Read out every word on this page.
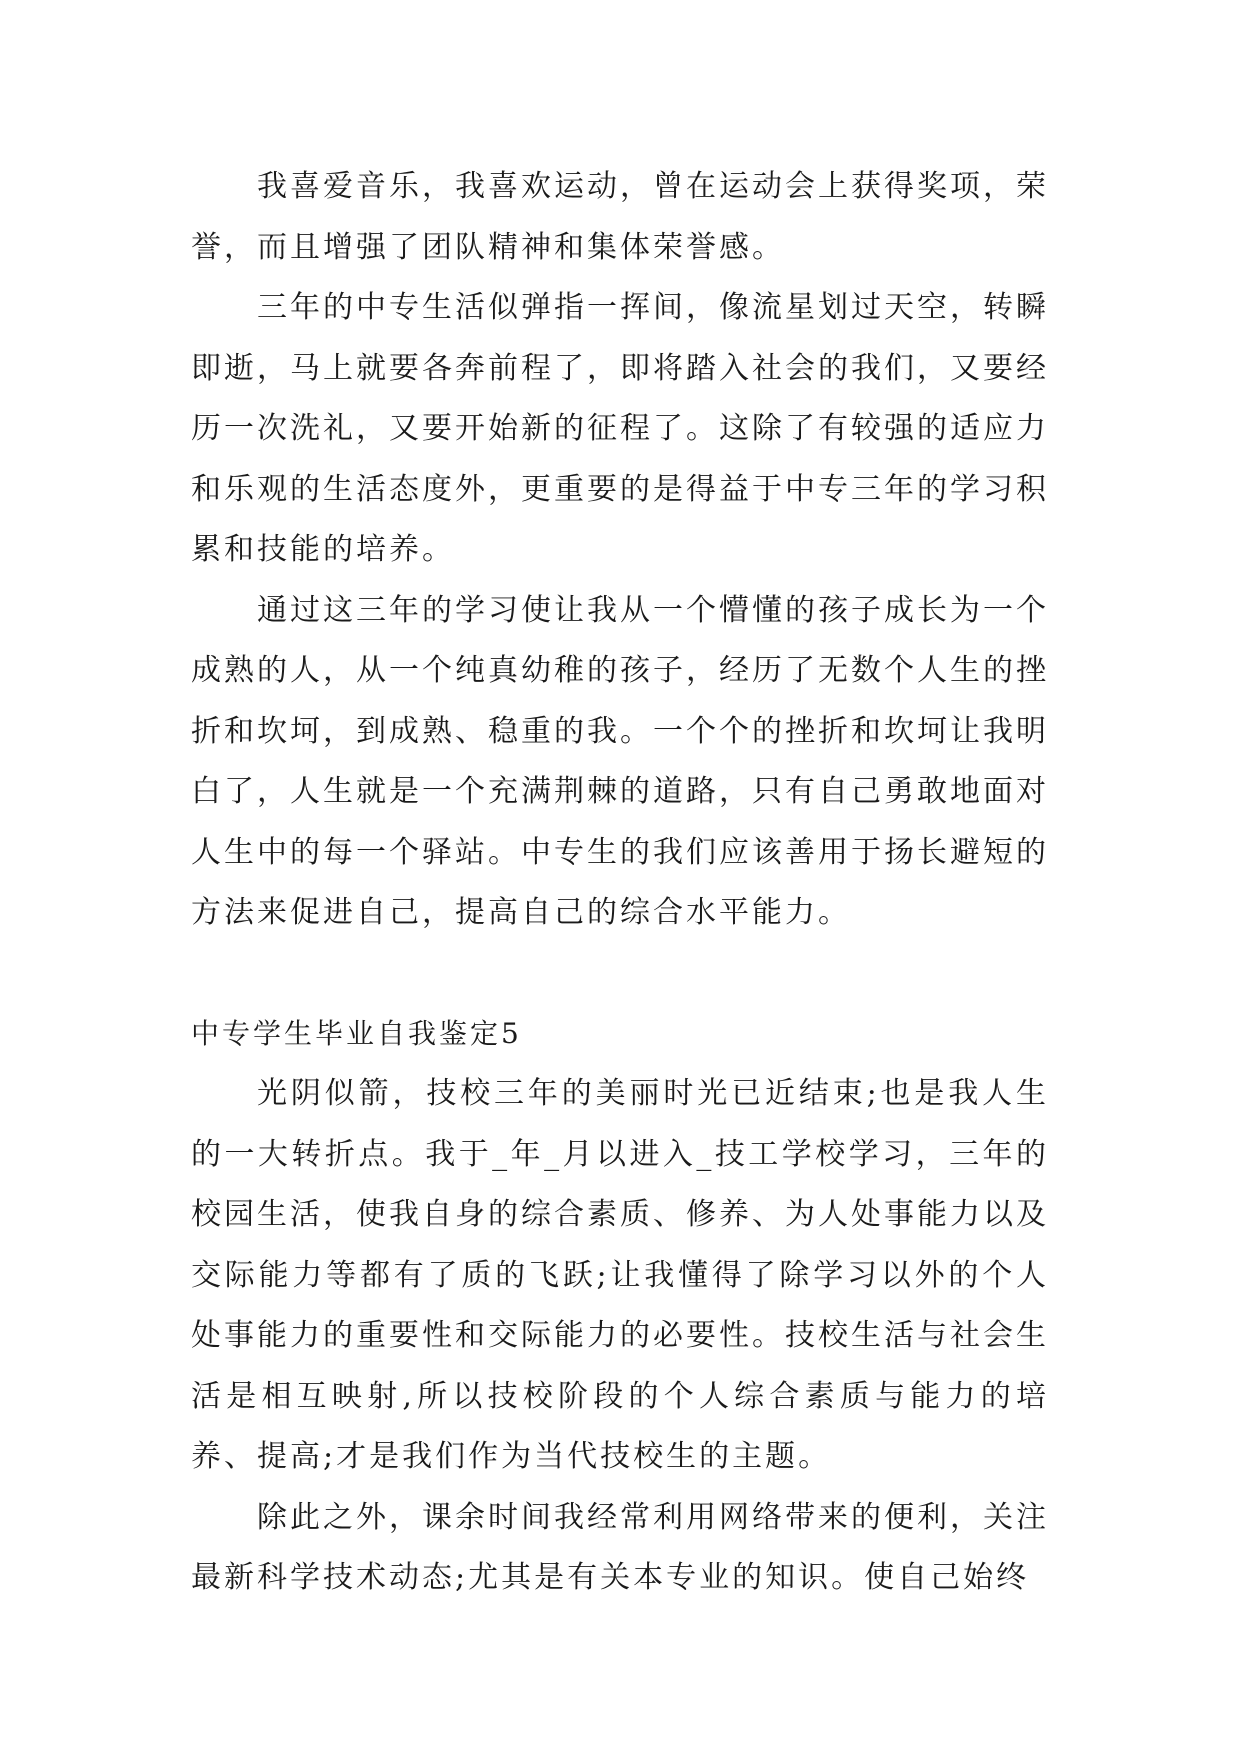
我喜爱音乐，我喜欢运动，曾在运动会上获得奖项，荣誉，而且增强了团队精神和集体荣誉感。

三年的中专生活似弹指一挥间，像流星划过天空，转瞬即逝，马上就要各奔前程了，即将踏入社会的我们，又要经历一次洗礼，又要开始新的征程了。这除了有较强的适应力和乐观的生活态度外，更重要的是得益于中专三年的学习积累和技能的培养。

通过这三年的学习使让我从一个懵懂的孩子成长为一个成熟的人，从一个纯真幼稚的孩子，经历了无数个人生的挫折和坎坷，到成熟、稳重的我。一个个的挫折和坎坷让我明白了，人生就是一个充满荆棘的道路，只有自己勇敢地面对人生中的每一个驿站。中专生的我们应该善用于扬长避短的方法来促进自己，提高自己的综合水平能力。

中专学生毕业自我鉴定5

光阴似箭，技校三年的美丽时光已近结束;也是我人生的一大转折点。我于_年_月以进入_技工学校学习，三年的校园生活，使我自身的综合素质、修养、为人处事能力以及交际能力等都有了质的飞跃;让我懂得了除学习以外的个人处事能力的重要性和交际能力的必要性。技校生活与社会生活是相互映射,所以技校阶段的个人综合素质与能力的培养、提高;才是我们作为当代技校生的主题。

除此之外，课余时间我经常利用网络带来的便利，关注最新科学技术动态;尤其是有关本专业的知识。使自己始终
